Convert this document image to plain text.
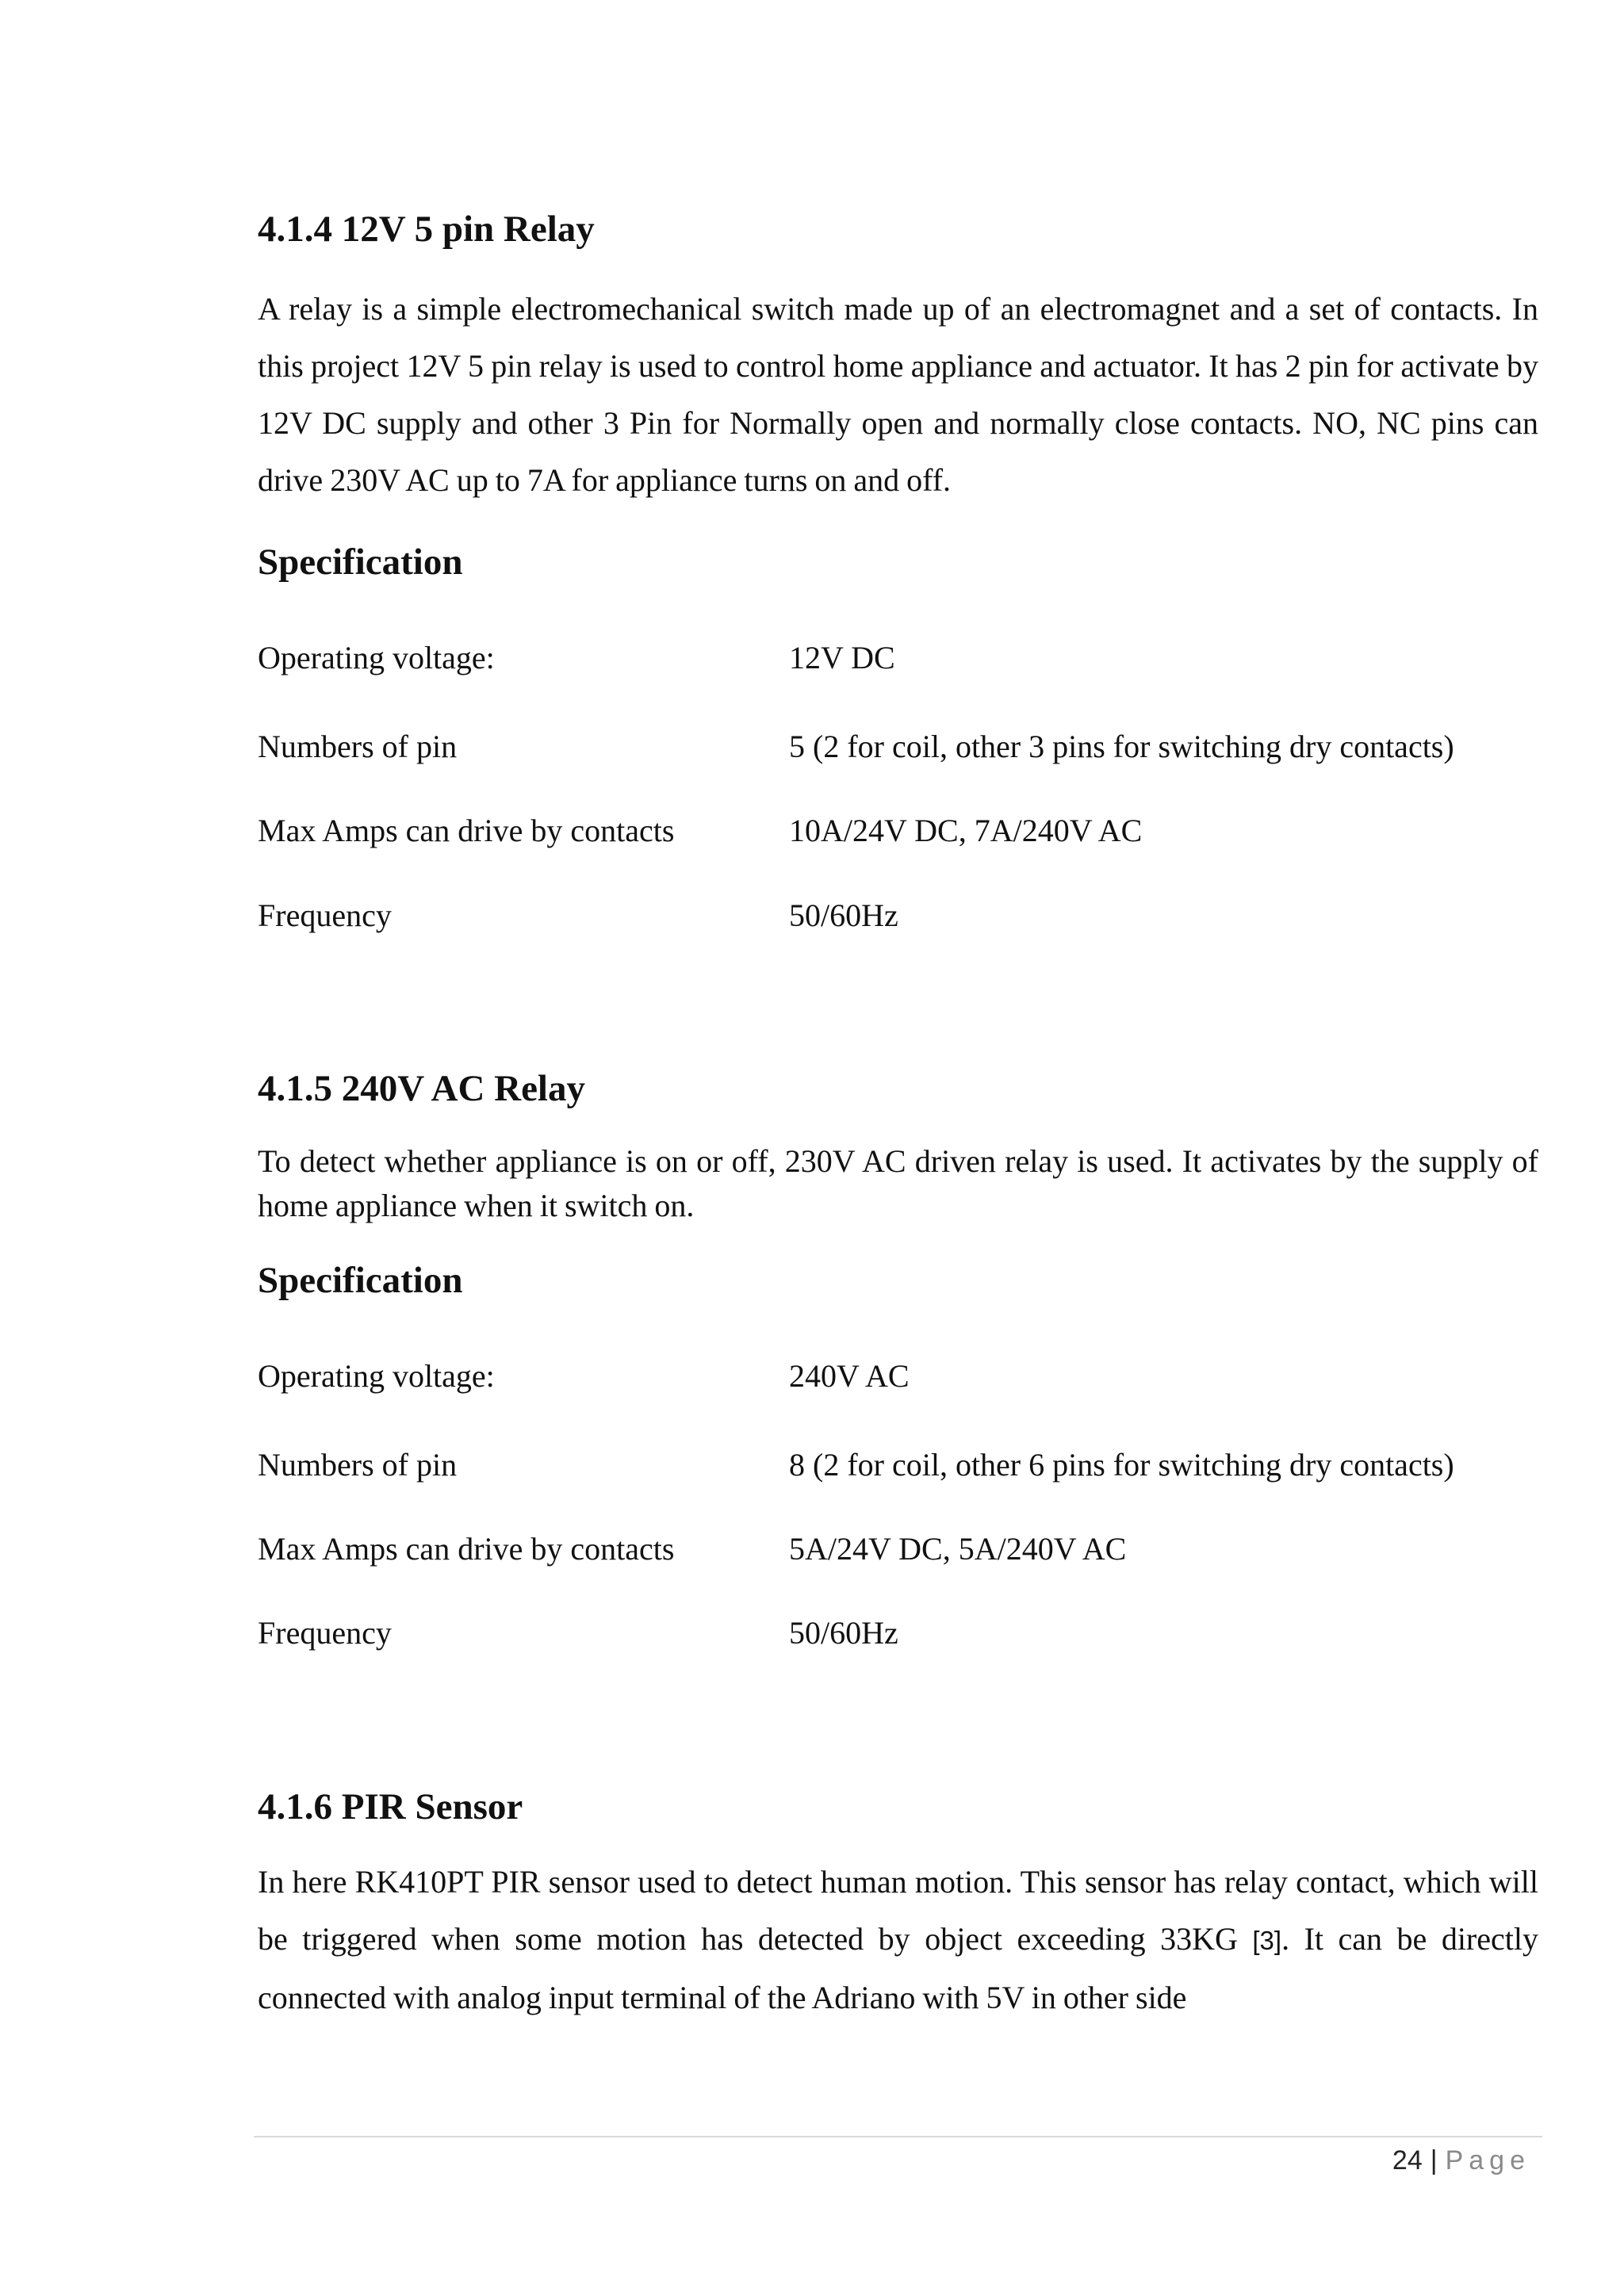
4.1.4 12V 5 pin Relay

A relay is a simple electromechanical switch made up of an electromagnet and a set of contacts. In this project 12V 5 pin relay is used to control home appliance and actuator. It has 2 pin for activate by 12V DC supply and other 3 Pin for Normally open and normally close contacts. NO, NC pins can drive 230V AC up to 7A for appliance turns on and off.

Specification
Operating voltage:	12V DC
Numbers of pin	5 (2 for coil, other 3 pins for switching dry contacts)
Max Amps can drive by contacts	10A/24V DC, 7A/240V AC
Frequency	50/60Hz
4.1.5 240V AC Relay

To detect whether appliance is on or off, 230V AC driven relay is used. It activates by the supply of home appliance when it switch on.

Specification
Operating voltage:	240V AC
Numbers of pin	8 (2 for coil, other 6 pins for switching dry contacts)
Max Amps can drive by contacts	5A/24V DC, 5A/240V AC
Frequency	50/60Hz
4.1.6 PIR Sensor

In here RK410PT PIR sensor used to detect human motion. This sensor has relay contact, which will be triggered when some motion has detected by object exceeding 33KG [3]. It can be directly connected with analog input terminal of the Adriano with 5V in other side

24 | Page
